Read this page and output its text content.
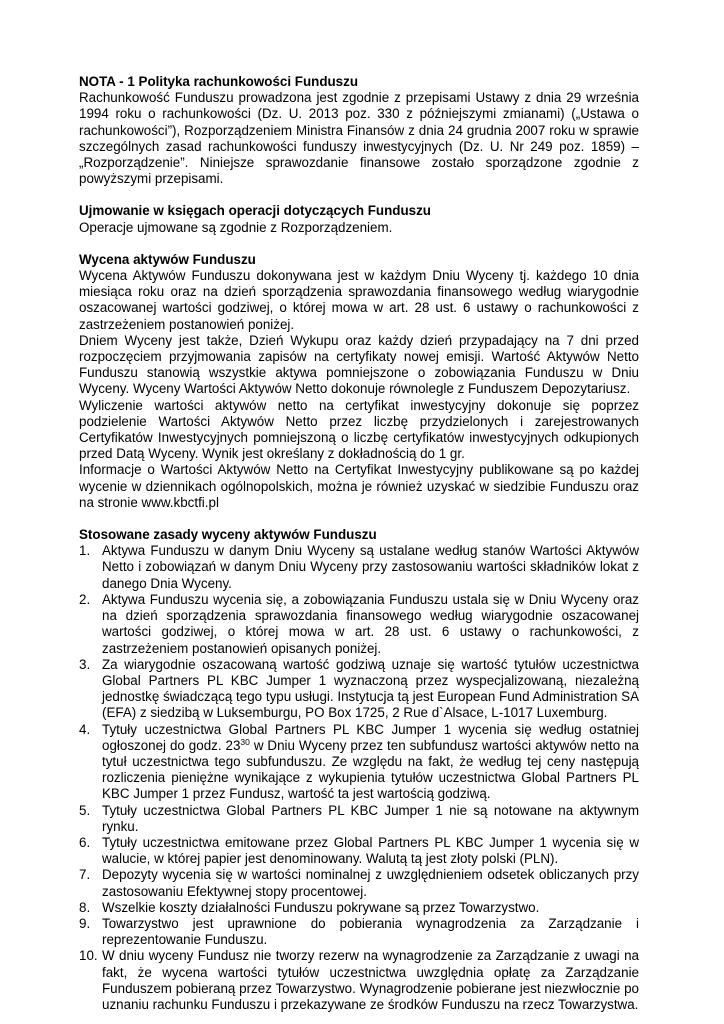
NOTA - 1 Polityka rachunkowości Funduszu

Rachunkowość Funduszu prowadzona jest zgodnie z przepisami Ustawy z dnia 29 września 1994 roku o rachunkowości (Dz. U. 2013 poz. 330 z późniejszymi zmianami) („Ustawa o rachunkowości”), Rozporządzeniem Ministra Finansów z dnia 24 grudnia 2007 roku w sprawie szczególnych zasad rachunkowości funduszy inwestycyjnych (Dz. U. Nr 249 poz. 1859) – „Rozporządzenie”. Niniejsze sprawozdanie finansowe zostało sporządzone zgodnie z powyższymi przepisami.

Ujmowanie w księgach operacji dotyczących Funduszu

Operacje ujmowane są zgodnie z Rozporządzeniem.

Wycena aktywów Funduszu

Wycena Aktywów Funduszu dokonywana jest w każdym Dniu Wyceny tj. każdego 10 dnia miesiąca roku oraz na dzień sporządzenia sprawozdania finansowego według wiarygodnie oszacowanej wartości godziwej, o której mowa w art. 28 ust. 6 ustawy o rachunkowości z zastrzeżeniem postanowień poniżej.

Dniem Wyceny jest także, Dzień Wykupu oraz każdy dzień przypadający na 7 dni przed rozpoczęciem przyjmowania zapisów na certyfikaty nowej emisji. Wartość Aktywów Netto Funduszu stanowią wszystkie aktywa pomniejszone o zobowiązania Funduszu w Dniu Wyceny. Wyceny Wartości Aktywów Netto dokonuje równolegle z Funduszem Depozytariusz.

Wyliczenie wartości aktywów netto na certyfikat inwestycyjny dokonuje się poprzez podzielenie Wartości Aktywów Netto przez liczbę przydzielonych i zarejestrowanych Certyfikatów Inwestycyjnych pomniejszoną o liczbę certyfikatów inwestycyjnych odkupionych przed Datą Wyceny. Wynik jest określany z dokładnością do 1 gr.

Informacje o Wartości Aktywów Netto na Certyfikat Inwestycyjny publikowane są po każdej wycenie w dziennikach ogólnopolskich, można je również uzyskać w siedzibie Funduszu oraz na stronie www.kbctfi.pl

Stosowane zasady wyceny aktywów Funduszu

1. Aktywa Funduszu w danym Dniu Wyceny są ustalane według stanów Wartości Aktywów Netto i zobowiązań w danym Dniu Wyceny przy zastosowaniu wartości składników lokat z danego Dnia Wyceny.
2. Aktywa Funduszu wycenia się, a zobowiązania Funduszu ustala się w Dniu Wyceny oraz na dzień sporządzenia sprawozdania finansowego według wiarygodnie oszacowanej wartości godziwej, o której mowa w art. 28 ust. 6 ustawy o rachunkowości, z zastrzeżeniem postanowień opisanych poniżej.
3. Za wiarygodnie oszacowaną wartość godziwą uznaje się wartość tytułów uczestnictwa Global Partners PL KBC Jumper 1 wyznaczoną przez wyspecjalizowaną, niezależną jednostkę świadczącą tego typu usługi. Instytucja tą jest European Fund Administration SA (EFA) z siedzibą w Luksemburgu, PO Box 1725, 2 Rue d`Alsace, L-1017 Luxemburg.
4. Tytuły uczestnictwa Global Partners PL KBC Jumper 1 wycenia się według ostatniej ogłoszonej do godz. $23^{30}$ w Dniu Wyceny przez ten subfundusz wartości aktywów netto na tytuł uczestnictwa tego subfunduszu. Ze względu na fakt, że według tej ceny następują rozliczenia pieniężne wynikające z wykupienia tytułów uczestnictwa Global Partners PL KBC Jumper 1 przez Fundusz, wartość ta jest wartością godziwą.
5. Tytuły uczestnictwa Global Partners PL KBC Jumper 1 nie są notowane na aktywnym rynku.
6. Tytuły uczestnictwa emitowane przez Global Partners PL KBC Jumper 1 wycenia się w walucie, w której papier jest denominowany. Walutą tą jest złoty polski (PLN).
7. Depozyty wycenia się w wartości nominalnej z uwzględnieniem odsetek obliczanych przy zastosowaniu Efektywnej stopy procentowej.
8. Wszelkie koszty działalności Funduszu pokrywane są przez Towarzystwo.
9. Towarzystwo jest uprawnione do pobierania wynagrodzenia za Zarządzanie i reprezentowanie Funduszu.
10. W dniu wyceny Fundusz nie tworzy rezerw na wynagrodzenie za Zarządzanie z uwagi na fakt, że wycena wartości tytułów uczestnictwa uwzględnia opłatę za Zarządzanie Funduszem pobieraną przez Towarzystwo. Wynagrodzenie pobierane jest niezwłocznie po uznaniu rachunku Funduszu i przekazywane ze środków Funduszu na rzecz Towarzystwa.
